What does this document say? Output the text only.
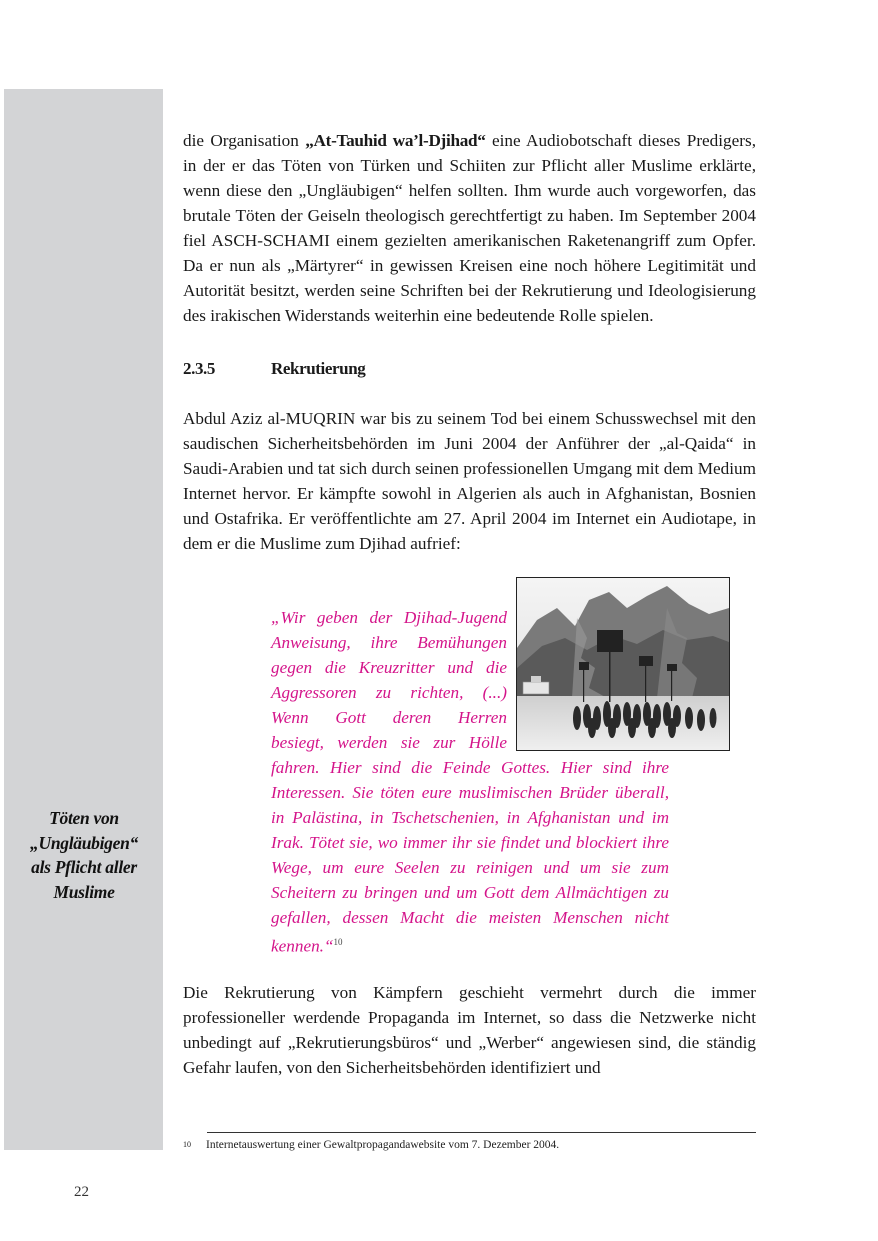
Töten von
„Ungläubigen“
als Pflicht aller
Muslime

die Organisation „At-Tauhid wa’l-Djihad“ eine Audiobotschaft dieses Predigers, in der er das Töten von Türken und Schiiten zur Pflicht aller Muslime erklärte, wenn diese den „Ungläubigen“ helfen sollten. Ihm wurde auch vorgeworfen, das brutale Töten der Geiseln theologisch gerechtfertigt zu haben. Im September 2004 fiel ASCH-SCHAMI einem gezielten amerikanischen Raketenangriff zum Opfer. Da er nun als „Märtyrer“ in gewissen Kreisen eine noch höhere Legitimität und Autorität besitzt, werden seine Schriften bei der Rekrutierung und Ideologisierung des irakischen Widerstands weiterhin eine bedeutende Rolle spielen.

2.3.5	Rekrutierung

Abdul Aziz al-MUQRIN war bis zu seinem Tod bei einem Schusswechsel mit den saudischen Sicherheitsbehörden im Juni 2004 der Anführer der „al-Qaida“ in Saudi-Arabien und tat sich durch seinen professionellen Umgang mit dem Medium Internet hervor. Er kämpfte sowohl in Algerien als auch in Afghanistan, Bosnien und Ostafrika. Er veröffentlichte am 27. April 2004 im Internet ein Audiotape, in dem er die Muslime zum Djihad aufrief:

„Wir geben der Djihad-Jugend
Anweisung, ihre Bemühungen
gegen die Kreuzritter und die
Aggressoren zu richten, (...)
Wenn Gott deren Herren
besiegt, werden sie zur Hölle
fahren. Hier sind die Feinde Gottes. Hier sind ihre Interessen. Sie töten eure muslimischen Brüder überall, in Palästina, in Tschetschenien, in Afghanistan und im Irak. Tötet sie, wo immer ihr sie findet und blockiert ihre Wege, um eure Seelen zu reinigen und um sie zum Scheitern zu bringen und um Gott dem Allmächtigen zu gefallen, dessen Macht die meisten Menschen nicht kennen.“$^{10}$

Die Rekrutierung von Kämpfern geschieht vermehrt durch die immer professioneller werdende Propaganda im Internet, so dass die Netzwerke nicht unbedingt auf „Rekrutierungsbüros“ und „Werber“ angewiesen sind, die ständig Gefahr laufen, von den Sicherheitsbehörden identifiziert und

10 Internetauswertung einer Gewaltpropagandawebsite vom 7. Dezember 2004.
22
